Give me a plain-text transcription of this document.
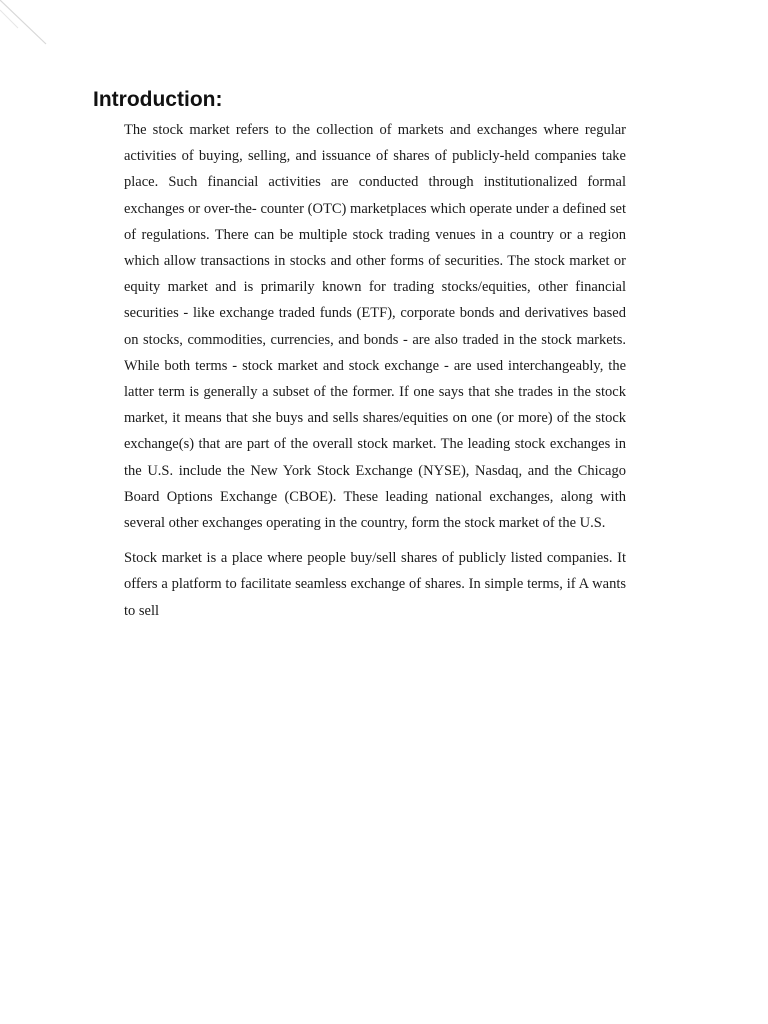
Introduction:

The stock market refers to the collection of markets and exchanges where regular activities of buying, selling, and issuance of shares of publicly-held companies take place. Such financial activities are conducted through institutionalized formal exchanges or over-the- counter (OTC) marketplaces which operate under a defined set of regulations. There can be multiple stock trading venues in a country or a region which allow transactions in stocks and other forms of securities. The stock market or equity market and is primarily known for trading stocks/equities, other financial securities - like exchange traded funds (ETF), corporate bonds and derivatives based on stocks, commodities, currencies, and bonds - are also traded in the stock markets. While both terms - stock market and stock exchange - are used interchangeably, the latter term is generally a subset of the former. If one says that she trades in the stock market, it means that she buys and sells shares/equities on one (or more) of the stock exchange(s) that are part of the overall stock market. The leading stock exchanges in the U.S. include the New York Stock Exchange (NYSE), Nasdaq, and the Chicago Board Options Exchange (CBOE). These leading national exchanges, along with several other exchanges operating in the country, form the stock market of the U.S.

Stock market is a place where people buy/sell shares of publicly listed companies. It offers a platform to facilitate seamless exchange of shares. In simple terms, if A wants to sell
